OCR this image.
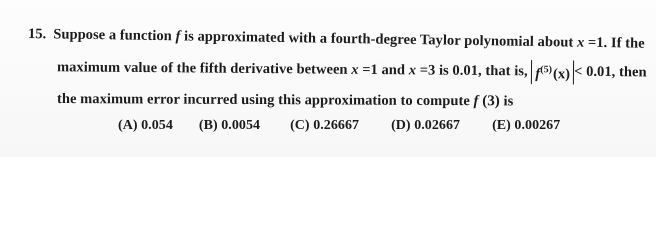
15. Suppose a function f is approximated with a fourth-degree Taylor polynomial about x =1. If the
maximum value of the fifth derivative between x =1 and x =3 is 0.01, that is, $f^{(5)}(x) < 0.01$, then
the maximum error incurred using this approximation to compute f (3) is
(A) 0.054 (B) 0.0054 (C) 0.26667 (D) 0.02667 (E) 0.00267
